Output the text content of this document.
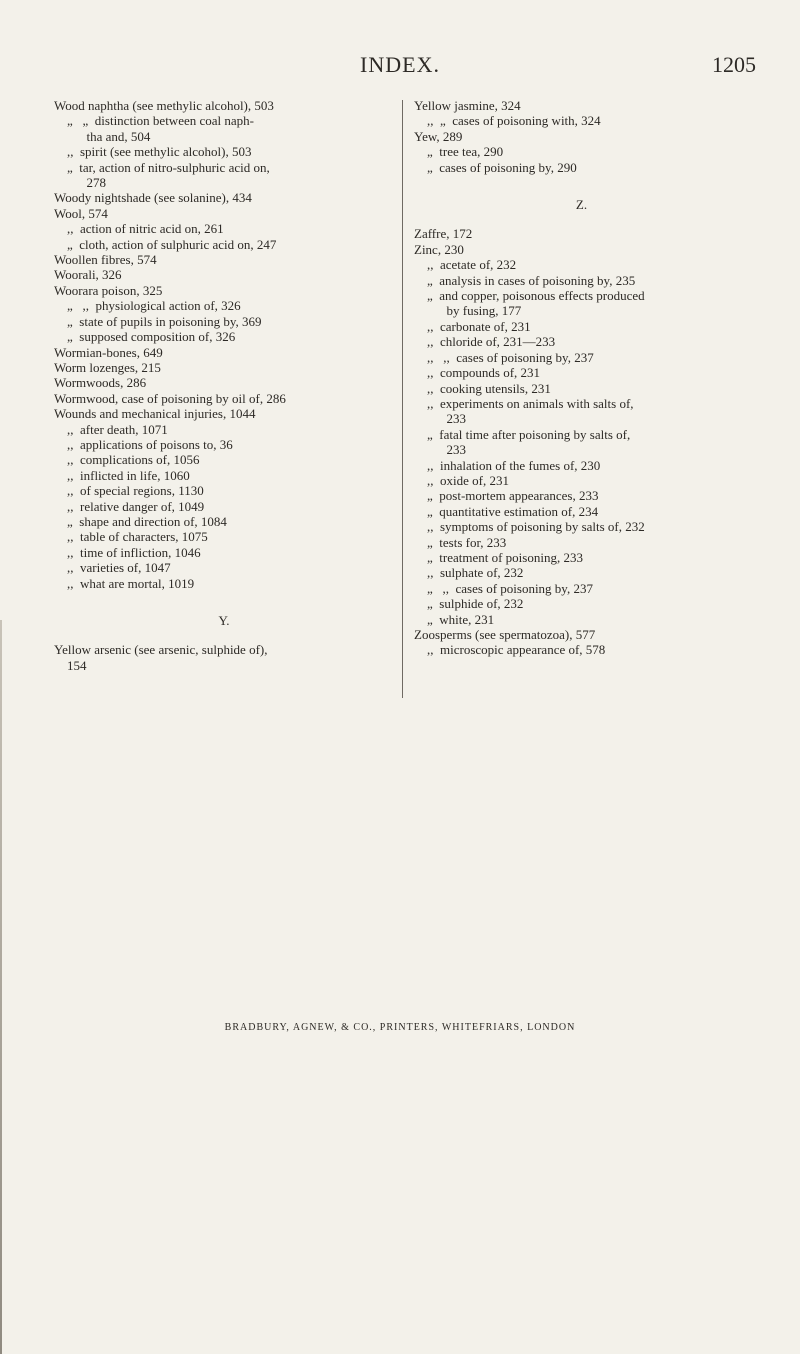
INDEX.	1205
Wood naphtha (see methylic alcohol), 503
„   „  distinction between coal naph-
tha and, 504
,,  spirit (see methylic alcohol), 503
„  tar, action of nitro-sulphuric acid on,
278
Woody nightshade (see solanine), 434
Wool, 574
,,  action of nitric acid on, 261
„  cloth, action of sulphuric acid on, 247
Woollen fibres, 574
Woorali, 326
Woorara poison, 325
„   ,,  physiological action of, 326
„  state of pupils in poisoning by, 369
„  supposed composition of, 326
Wormian-bones, 649
Worm lozenges, 215
Wormwoods, 286
Wormwood, case of poisoning by oil of, 286
Wounds and mechanical injuries, 1044
,,  after death, 1071
,,  applications of poisons to, 36
,,  complications of, 1056
,,  inflicted in life, 1060
,,  of special regions, 1130
,,  relative danger of, 1049
„  shape and direction of, 1084
,,  table of characters, 1075
,,  time of infliction, 1046
,,  varieties of, 1047
,,  what are mortal, 1019
Y.
Yellow arsenic (see arsenic, sulphide of),
154
Yellow jasmine, 324
,,  „  cases of poisoning with, 324
Yew, 289
„  tree tea, 290
„  cases of poisoning by, 290
Z.
Zaffre, 172
Zinc, 230
,,  acetate of, 232
„  analysis in cases of poisoning by, 235
„  and copper, poisonous effects produced
by fusing, 177
,,  carbonate of, 231
,,  chloride of, 231—233
,,   ,,  cases of poisoning by, 237
,,  compounds of, 231
,,  cooking utensils, 231
,,  experiments on animals with salts of,
233
„  fatal time after poisoning by salts of,
233
,,  inhalation of the fumes of, 230
,,  oxide of, 231
„  post-mortem appearances, 233
„  quantitative estimation of, 234
,,  symptoms of poisoning by salts of, 232
„  tests for, 233
„  treatment of poisoning, 233
,,  sulphate of, 232
„   ,,  cases of poisoning by, 237
„  sulphide of, 232
„  white, 231
Zoosperms (see spermatozoa), 577
,,  microscopic appearance of, 578
BRADBURY, AGNEW, & CO., PRINTERS, WHITEFRIARS, LONDON
